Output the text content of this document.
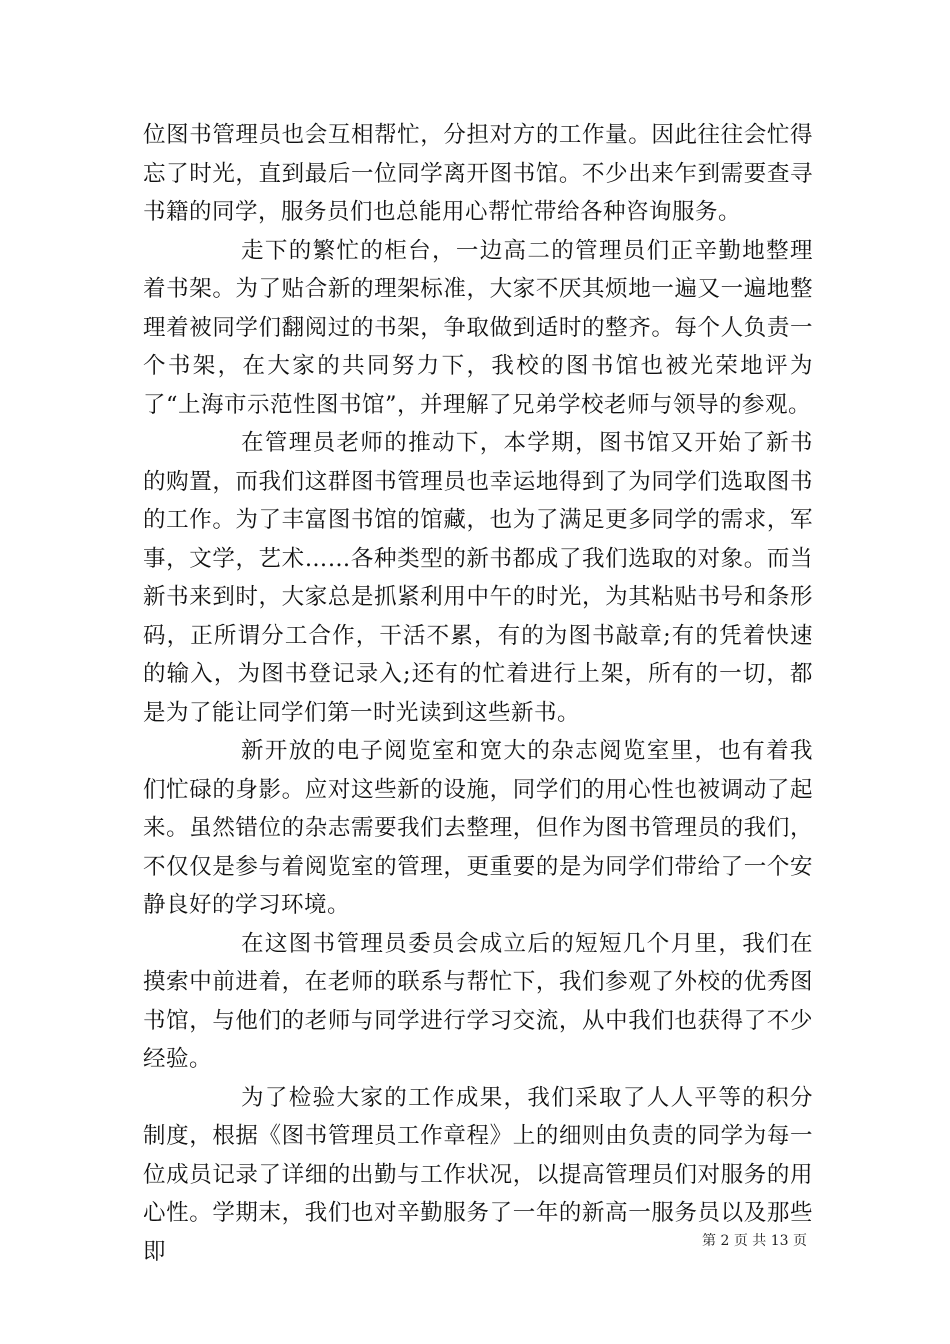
位图书管理员也会互相帮忙，分担对方的工作量。因此往往会忙得忘了时光，直到最后一位同学离开图书馆。不少出来乍到需要查寻书籍的同学，服务员们也总能用心帮忙带给各种咨询服务。

走下的繁忙的柜台，一边高二的管理员们正辛勤地整理着书架。为了贴合新的理架标准，大家不厌其烦地一遍又一遍地整理着被同学们翻阅过的书架，争取做到适时的整齐。每个人负责一个书架，在大家的共同努力下，我校的图书馆也被光荣地评为了“上海市示范性图书馆”，并理解了兄弟学校老师与领导的参观。

在管理员老师的推动下，本学期，图书馆又开始了新书的购置，而我们这群图书管理员也幸运地得到了为同学们选取图书的工作。为了丰富图书馆的馆藏，也为了满足更多同学的需求，军事，文学，艺术……各种类型的新书都成了我们选取的对象。而当新书来到时，大家总是抓紧利用中午的时光，为其粘贴书号和条形码，正所谓分工合作，干活不累，有的为图书敲章;有的凭着快速的输入，为图书登记录入;还有的忙着进行上架，所有的一切，都是为了能让同学们第一时光读到这些新书。

新开放的电子阅览室和宽大的杂志阅览室里，也有着我们忙碌的身影。应对这些新的设施，同学们的用心性也被调动了起来。虽然错位的杂志需要我们去整理，但作为图书管理员的我们，不仅仅是参与着阅览室的管理，更重要的是为同学们带给了一个安静良好的学习环境。

在这图书管理员委员会成立后的短短几个月里，我们在摸索中前进着，在老师的联系与帮忙下，我们参观了外校的优秀图书馆，与他们的老师与同学进行学习交流，从中我们也获得了不少经验。

为了检验大家的工作成果，我们采取了人人平等的积分制度，根据《图书管理员工作章程》上的细则由负责的同学为每一位成员记录了详细的出勤与工作状况，以提高管理员们对服务的用心性。学期末，我们也对辛勤服务了一年的新高一服务员以及那些即	第 2 页 共 13 页
